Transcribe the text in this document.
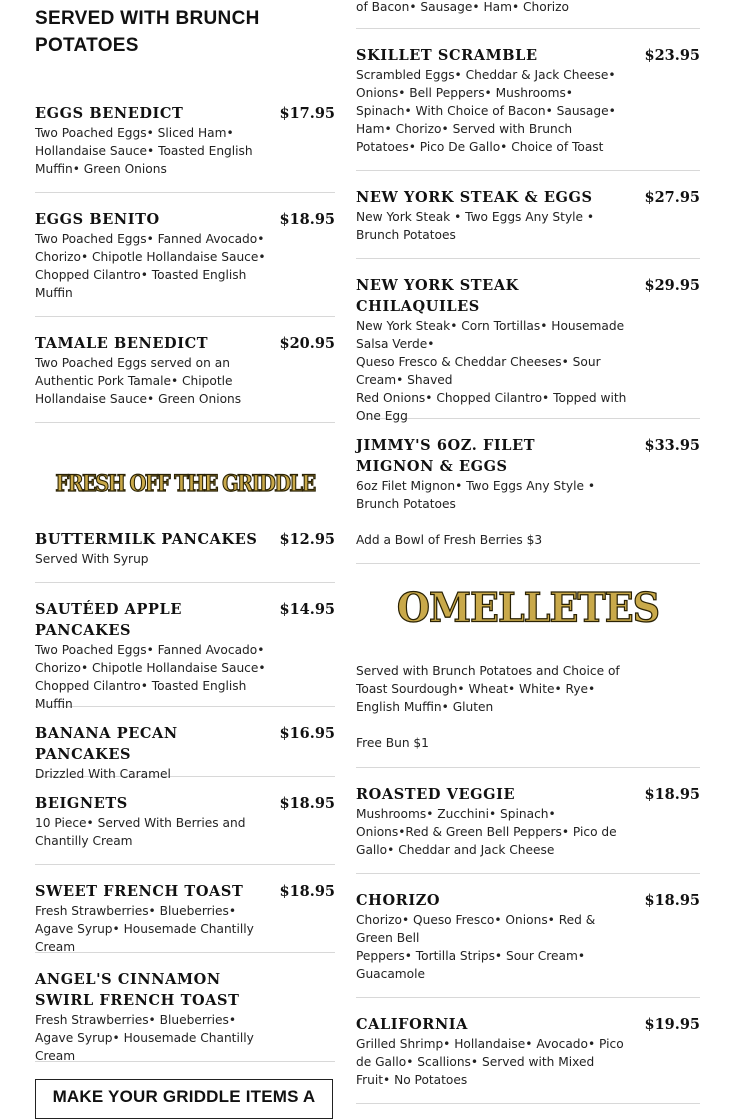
SERVED WITH BRUNCH POTATOES
EGGS BENEDICT	$17.95
Two Poached Eggs• Sliced Ham• Hollandaise Sauce• Toasted English Muffin• Green Onions
EGGS BENITO	$18.95
Two Poached Eggs• Fanned Avocado• Chorizo• Chipotle Hollandaise Sauce• Chopped Cilantro• Toasted English Muffin
TAMALE BENEDICT	$20.95
Two Poached Eggs served on an Authentic Pork Tamale• Chipotle Hollandaise Sauce• Green Onions
FRESH OFF THE GRIDDLE
BUTTERMILK PANCAKES	$12.95
Served With Syrup
SAUTÉED APPLE PANCAKES
$14.95
Two Poached Eggs• Fanned Avocado• Chorizo• Chipotle Hollandaise Sauce• Chopped Cilantro• Toasted English Muffin
BANANA PECAN PANCAKES
$16.95
Drizzled With Caramel
BEIGNETS	$18.95
10 Piece• Served With Berries and Chantilly Cream
SWEET FRENCH TOAST	$18.95
Fresh Strawberries• Blueberries• Agave Syrup• Housemade Chantilly Cream
ANGEL'S CINNAMON SWIRL FRENCH TOAST
Fresh Strawberries• Blueberries• Agave Syrup• Housemade Chantilly Cream
MAKE YOUR GRIDDLE ITEMS A
of Bacon• Sausage• Ham• Chorizo
SKILLET SCRAMBLE	$23.95
Scrambled Eggs• Cheddar & Jack Cheese• Onions• Bell Peppers• Mushrooms• Spinach• With Choice of Bacon• Sausage• Ham• Chorizo• Served with Brunch Potatoes• Pico De Gallo• Choice of Toast
NEW YORK STEAK & EGGS	$27.95
New York Steak • Two Eggs Any Style • Brunch Potatoes
NEW YORK STEAK CHILAQUILES
$29.95
New York Steak• Corn Tortillas• Housemade Salsa Verde•
Queso Fresco & Cheddar Cheeses• Sour Cream• Shaved
Red Onions• Chopped Cilantro• Topped with One Egg
JIMMY'S 6OZ. FILET MIGNON & EGGS
$33.95
6oz Filet Mignon• Two Eggs Any Style • Brunch Potatoes
Add a Bowl of Fresh Berries $3
OMELLETES
Served with Brunch Potatoes and Choice of Toast Sourdough• Wheat• White• Rye• English Muffin• Gluten
Free Bun $1
ROASTED VEGGIE	$18.95
Mushrooms• Zucchini• Spinach• Onions•Red & Green Bell Peppers• Pico de Gallo• Cheddar and Jack Cheese
CHORIZO	$18.95
Chorizo• Queso Fresco• Onions• Red & Green Bell
Peppers• Tortilla Strips• Sour Cream• Guacamole
CALIFORNIA	$19.95
Grilled Shrimp• Hollandaise• Avocado• Pico de Gallo• Scallions• Served with Mixed Fruit• No Potatoes
